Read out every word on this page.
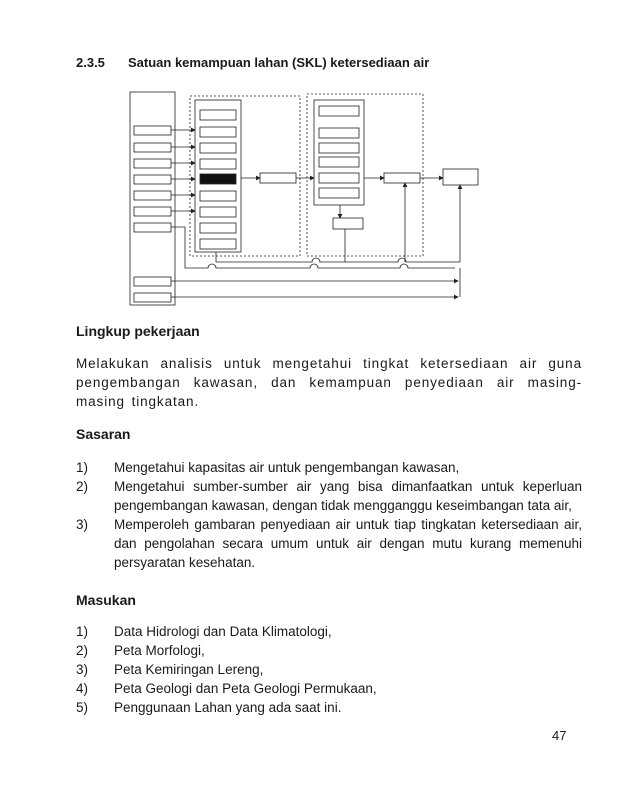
2.3.5 Satuan kemampuan lahan (SKL) ketersediaan air
Lingkup pekerjaan
Melakukan analisis untuk mengetahui tingkat ketersediaan air guna pengembangan kawasan, dan kemampuan penyediaan air masing-masing tingkatan.
Sasaran
1) Mengetahui kapasitas air untuk pengembangan kawasan,
2) Mengetahui sumber-sumber air yang bisa dimanfaatkan untuk keperluan pengembangan kawasan, dengan tidak mengganggu keseimbangan tata air,
3) Memperoleh gambaran penyediaan air untuk tiap tingkatan ketersediaan air, dan pengolahan secara umum untuk air dengan mutu kurang memenuhi persyaratan kesehatan.
Masukan
1) Data Hidrologi dan Data Klimatologi,
2) Peta Morfologi,
3) Peta Kemiringan Lereng,
4) Peta Geologi dan Peta Geologi Permukaan,
5) Penggunaan Lahan yang ada saat ini.
47
